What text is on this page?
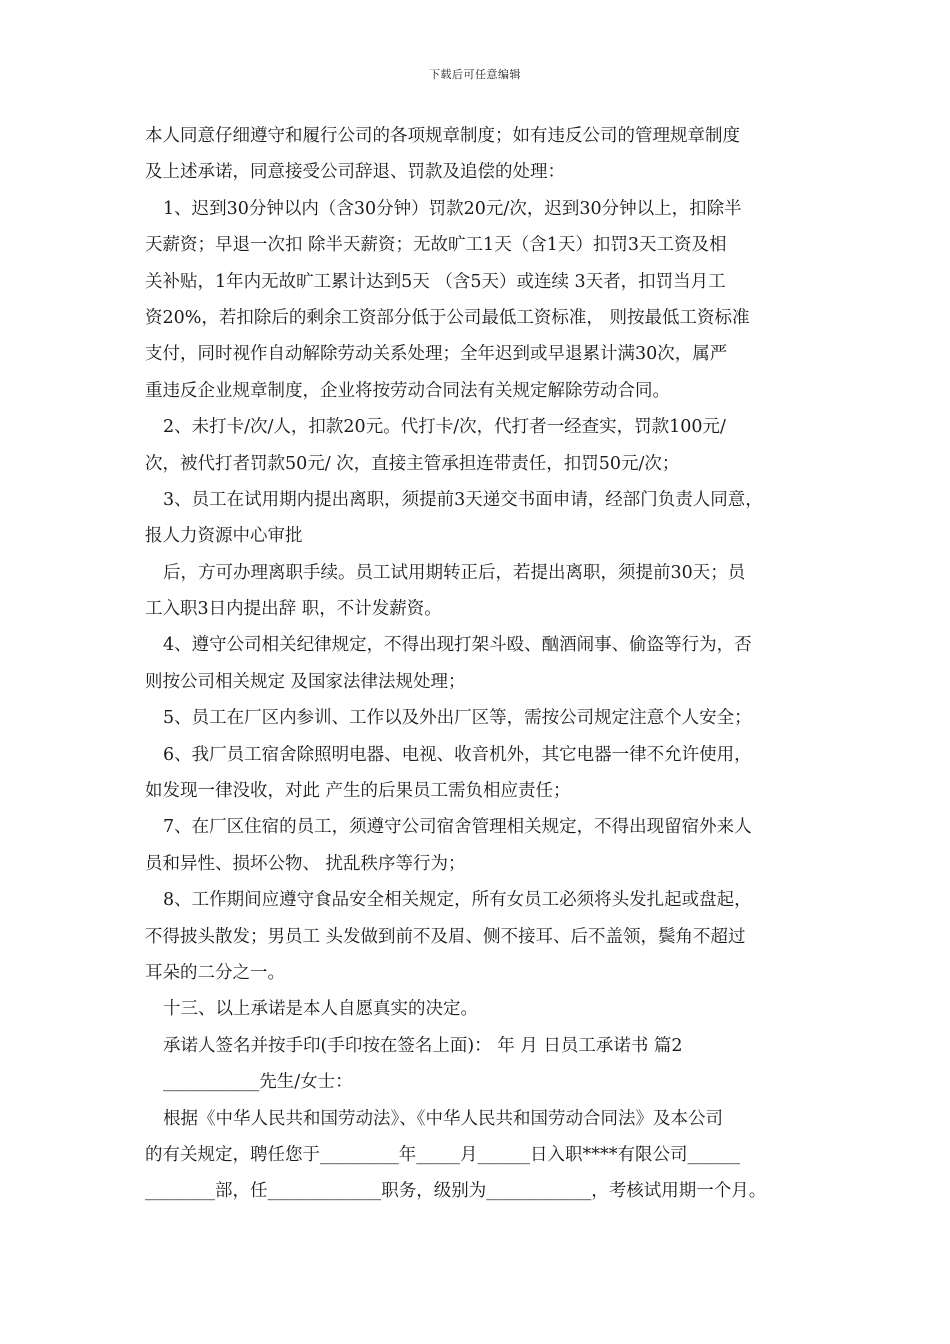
下载后可任意编辑
本人同意仔细遵守和履行公司的各项规章制度；如有违反公司的管理规章制度
及上述承诺，同意接受公司辞退、罚款及追偿的处理：
1、迟到30分钟以内（含30分钟）罚款20元/次，迟到30分钟以上，扣除半
天薪资；早退一次扣 除半天薪资；无故旷工1天（含1天）扣罚3天工资及相
关补贴，1年内无故旷工累计达到5天 （含5天）或连续 3天者，扣罚当月工
资20%，若扣除后的剩余工资部分低于公司最低工资标准， 则按最低工资标准
支付，同时视作自动解除劳动关系处理；全年迟到或早退累计满30次，属严
重违反企业规章制度，企业将按劳动合同法有关规定解除劳动合同。
2、未打卡/次/人，扣款20元。代打卡/次，代打者一经查实，罚款100元/
次，被代打者罚款50元/ 次，直接主管承担连带责任，扣罚50元/次；
3、员工在试用期内提出离职，须提前3天递交书面申请，经部门负责人同意，
报人力资源中心审批
后，方可办理离职手续。员工试用期转正后，若提出离职，须提前30天；员
工入职3日内提出辞 职，不计发薪资。
4、遵守公司相关纪律规定，不得出现打架斗殴、酗酒闹事、偷盗等行为，否
则按公司相关规定 及国家法律法规处理；
5、员工在厂区内参训、工作以及外出厂区等，需按公司规定注意个人安全；
6、我厂员工宿舍除照明电器、电视、收音机外，其它电器一律不允许使用，
如发现一律没收，对此 产生的后果员工需负相应责任；
7、在厂区住宿的员工，须遵守公司宿舍管理相关规定，不得出现留宿外来人
员和异性、损坏公物、 扰乱秩序等行为；
8、工作期间应遵守食品安全相关规定，所有女员工必须将头发扎起或盘起，
不得披头散发；男员工 头发做到前不及眉、侧不接耳、后不盖领，鬓角不超过
耳朵的二分之一。
十三、以上承诺是本人自愿真实的决定。
承诺人签名并按手印(手印按在签名上面)： 年 月 日员工承诺书 篇2
___________先生/女士：
根据《中华人民共和国劳动法》、《中华人民共和国劳动合同法》及本公司
的有关规定，聘任您于_________年_____月______日入职****有限公司______
________部，任_____________职务，级别为____________，考核试用期一个月。
